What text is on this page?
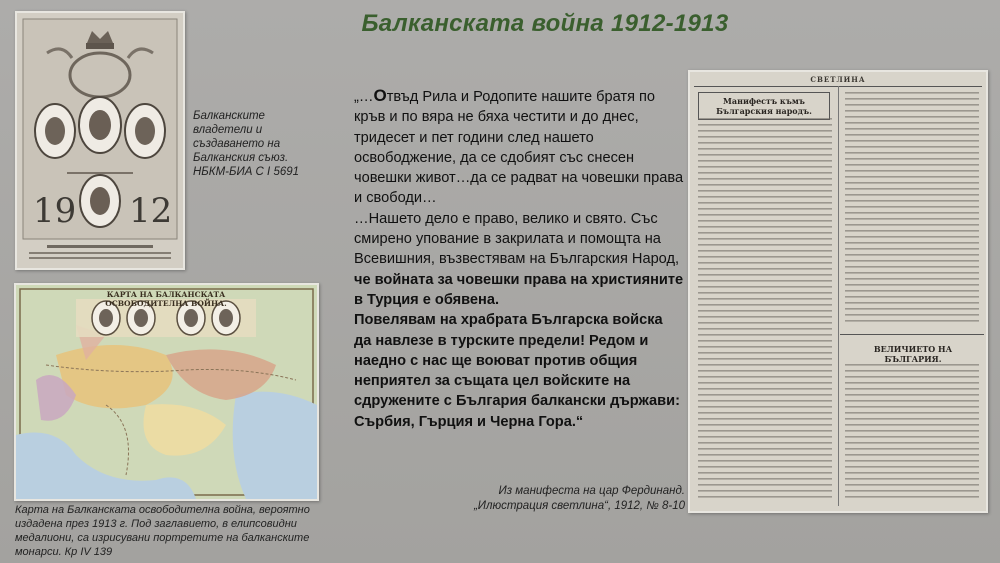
Балканската война 1912-1913
19 12
Балканските владетели и създаването на Балканския съюз. НБКМ-БИА С I 5691
КАРТА НА БАЛКАНСКАТА ОСВОБОДИТЕЛНА ВОЙНА.
Карта на Балканската освободителна война, вероятно издадена през 1913 г. Под заглавието, в елипсовидни медалиони, са изрисувани портретите на балканските монарси. Кр IV 139

„…Отвъд Рила и Родопите нашите братя по кръв и по вяра не бяха честити и до днес, тридесет и пет години след нашето освободжение, да се сдобият със снесен човешки живот…да се радват на човешки права и свободи…

…Нашето дело е право, велико и свято. Със смирено упование в закрилата и помощта на Всевишния, възвестявам на Българския Народ, че войната за човешки права на християните в Турция е обявена.

Повелявам на храбрата Българска войска да навлезе в турските предели! Редом и наедно с нас ще воюват против общия неприятел за същата цел войските на сдружените с България балкански държави: Сърбия, Гърция и Черна Гора.“

СВЕТЛИНА
Манифестъ къмъ Българския народъ.
ВЕЛИЧИЕТО НА БЪЛГАРИЯ.
Из манифеста на цар Фердинанд. „Илюстрация светлина“, 1912, № 8-10
